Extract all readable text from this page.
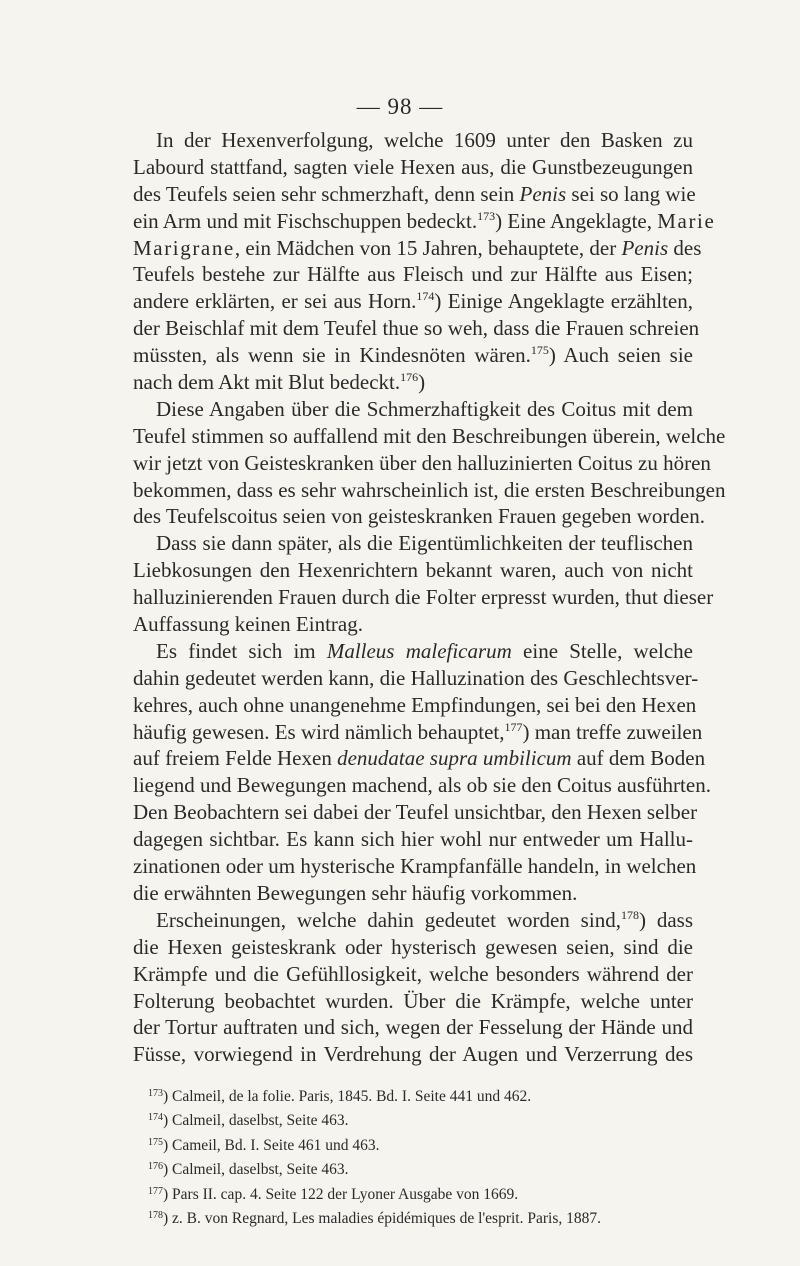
— 98 —
In der Hexenverfolgung, welche 1609 unter den Basken zu
Labourd stattfand, sagten viele Hexen aus, die Gunstbezeugungen
des Teufels seien sehr schmerzhaft, denn sein Penis sei so lang wie
ein Arm und mit Fischschuppen bedeckt.$^{173}$) Eine Angeklagte, Marie
Marigrane, ein Mädchen von 15 Jahren, behauptete, der Penis des
Teufels bestehe zur Hälfte aus Fleisch und zur Hälfte aus Eisen;
andere erklärten, er sei aus Horn.$^{174}$) Einige Angeklagte erzählten,
der Beischlaf mit dem Teufel thue so weh, dass die Frauen schreien
müssten, als wenn sie in Kindesnöten wären.$^{175}$) Auch seien sie
nach dem Akt mit Blut bedeckt.$^{176}$)
Diese Angaben über die Schmerzhaftigkeit des Coitus mit dem
Teufel stimmen so auffallend mit den Beschreibungen überein, welche
wir jetzt von Geisteskranken über den halluzinierten Coitus zu hören
bekommen, dass es sehr wahrscheinlich ist, die ersten Beschreibungen
des Teufelscoitus seien von geisteskranken Frauen gegeben worden.
Dass sie dann später, als die Eigentümlichkeiten der teuflischen
Liebkosungen den Hexenrichtern bekannt waren, auch von nicht
halluzinierenden Frauen durch die Folter erpresst wurden, thut dieser
Auffassung keinen Eintrag.
Es findet sich im Malleus maleficarum eine Stelle, welche
dahin gedeutet werden kann, die Halluzination des Geschlechtsver-
kehres, auch ohne unangenehme Empfindungen, sei bei den Hexen
häufig gewesen. Es wird nämlich behauptet,$^{177}$) man treffe zuweilen
auf freiem Felde Hexen denudatae supra umbilicum auf dem Boden
liegend und Bewegungen machend, als ob sie den Coitus ausführten.
Den Beobachtern sei dabei der Teufel unsichtbar, den Hexen selber
dagegen sichtbar. Es kann sich hier wohl nur entweder um Hallu-
zinationen oder um hysterische Krampfanfälle handeln, in welchen
die erwähnten Bewegungen sehr häufig vorkommen.
Erscheinungen, welche dahin gedeutet worden sind,$^{178}$) dass
die Hexen geisteskrank oder hysterisch gewesen seien, sind die
Krämpfe und die Gefühllosigkeit, welche besonders während der
Folterung beobachtet wurden. Über die Krämpfe, welche unter
der Tortur auftraten und sich, wegen der Fesselung der Hände und
Füsse, vorwiegend in Verdrehung der Augen und Verzerrung des
$^{173}$) Calmeil, de la folie. Paris, 1845. Bd. I. Seite 441 und 462.
$^{174}$) Calmeil, daselbst, Seite 463.
$^{175}$) Cameil, Bd. I. Seite 461 und 463.
$^{176}$) Calmeil, daselbst, Seite 463.
$^{177}$) Pars II. cap. 4. Seite 122 der Lyoner Ausgabe von 1669.
$^{178}$) z. B. von Regnard, Les maladies épidémiques de l'esprit. Paris, 1887.
